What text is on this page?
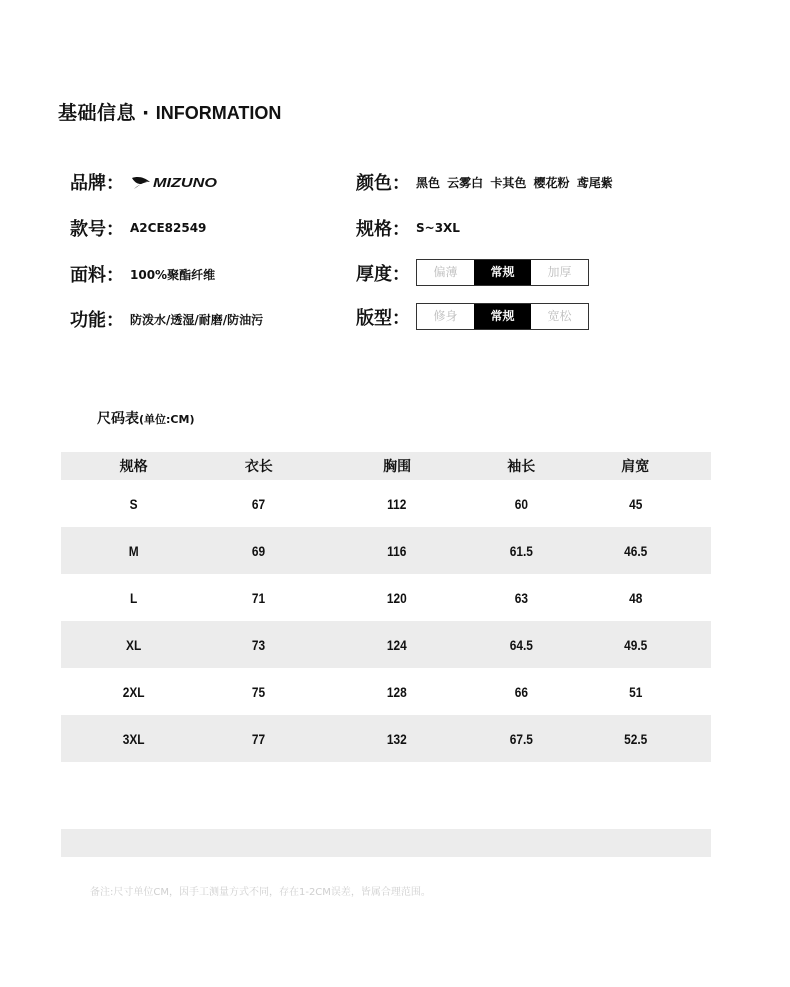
基础信息 · INFORMATION
品牌： MIZUNO
款号： A2CE82549
面料： 100%聚酯纤维
功能： 防泼水/透湿/耐磨/防油污
颜色： 黑色 云雾白 卡其色 樱花粉 鸢尾紫
规格： S~3XL
厚度：	偏薄	常规	加厚
版型：	修身	常规	宽松
尺码表(单位:CM)
规格	衣长	胸围	袖长	肩宽
S	67	112	60	45
M	69	116	61.5	46.5
L	71	120	63	48
XL	73	124	64.5	49.5
2XL	75	128	66	51
3XL	77	132	67.5	52.5
备注:尺寸单位CM，因手工测量方式不同，存在1-2CM误差，皆属合理范围。
